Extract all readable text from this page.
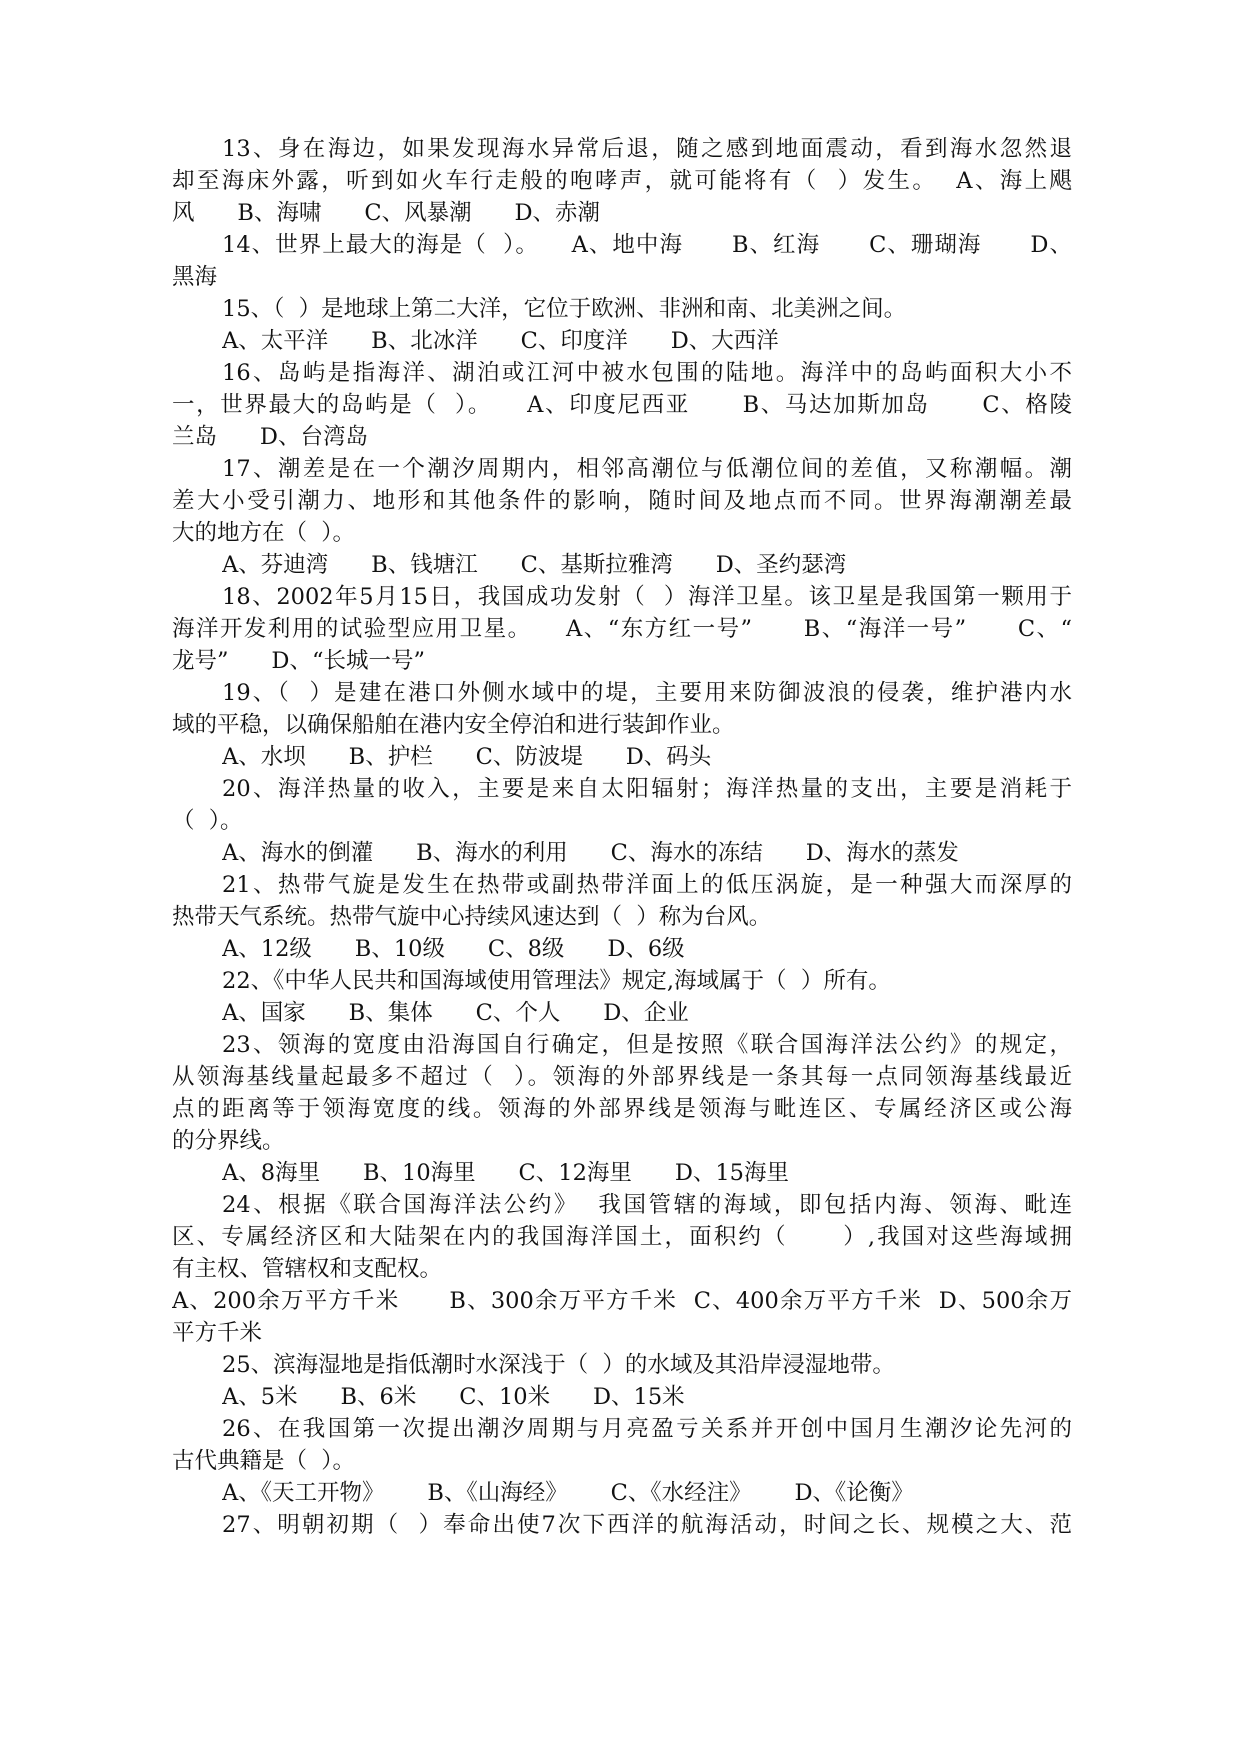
13、身在海边，如果发现海水异常后退，随之感到地面震动，看到海水忽然退
却至海床外露，听到如火车行走般的咆哮声，就可能将有（  ）发生。  A、海上飓
风      B、海啸      C、风暴潮      D、赤潮
14、世界上最大的海是（  ）。    A、地中海      B、红海      C、珊瑚海      D、
黑海
15、（  ）是地球上第二大洋，它位于欧洲、非洲和南、北美洲之间。
A、太平洋      B、北冰洋      C、印度洋      D、大西洋
16、岛屿是指海洋、湖泊或江河中被水包围的陆地。海洋中的岛屿面积大小不
一，世界最大的岛屿是（  ）。    A、印度尼西亚      B、马达加斯加岛      C、格陵
兰岛      D、台湾岛
17、潮差是在一个潮汐周期内，相邻高潮位与低潮位间的差值，又称潮幅。潮
差大小受引潮力、地形和其他条件的影响，随时间及地点而不同。世界海潮潮差最
大的地方在（  ）。
A、芬迪湾      B、钱塘江      C、基斯拉雅湾      D、圣约瑟湾
18、2002年5月15日，我国成功发射（  ）海洋卫星。该卫星是我国第一颗用于
海洋开发利用的试验型应用卫星。    A、“东方红一号”      B、“海洋一号”      C、“
龙号”      D、“长城一号”
19、（  ）是建在港口外侧水域中的堤，主要用来防御波浪的侵袭，维护港内水
域的平稳，以确保船舶在港内安全停泊和进行装卸作业。
A、水坝      B、护栏      C、防波堤      D、码头
20、海洋热量的收入，主要是来自太阳辐射；海洋热量的支出，主要是消耗于
（  ）。
A、海水的倒灌      B、海水的利用      C、海水的冻结      D、海水的蒸发
21、热带气旋是发生在热带或副热带洋面上的低压涡旋，是一种强大而深厚的
热带天气系统。热带气旋中心持续风速达到（  ）称为台风。
A、12级      B、10级      C、8级      D、6级
22、《中华人民共和国海域使用管理法》规定,海域属于（  ）所有。
A、国家      B、集体      C、个人      D、企业
23、领海的宽度由沿海国自行确定，但是按照《联合国海洋法公约》的规定，
从领海基线量起最多不超过（  ）。领海的外部界线是一条其每一点同领海基线最近
点的距离等于领海宽度的线。领海的外部界线是领海与毗连区、专属经济区或公海
的分界线。
A、8海里      B、10海里      C、12海里      D、15海里
24、根据《联合国海洋法公约》  我国管辖的海域，即包括内海、领海、毗连
区、专属经济区和大陆架在内的我国海洋国土，面积约（      ）,我国对这些海域拥
有主权、管辖权和支配权。
A、200余万平方千米      B、300余万平方千米  C、400余万平方千米  D、500余万
平方千米
25、滨海湿地是指低潮时水深浅于（  ）的水域及其沿岸浸湿地带。
A、5米      B、6米      C、10米      D、15米
26、在我国第一次提出潮汐周期与月亮盈亏关系并开创中国月生潮汐论先河的
古代典籍是（  ）。
A、《天工开物》      B、《山海经》      C、《水经注》      D、《论衡》
27、明朝初期（  ）奉命出使7次下西洋的航海活动，时间之长、规模之大、范
